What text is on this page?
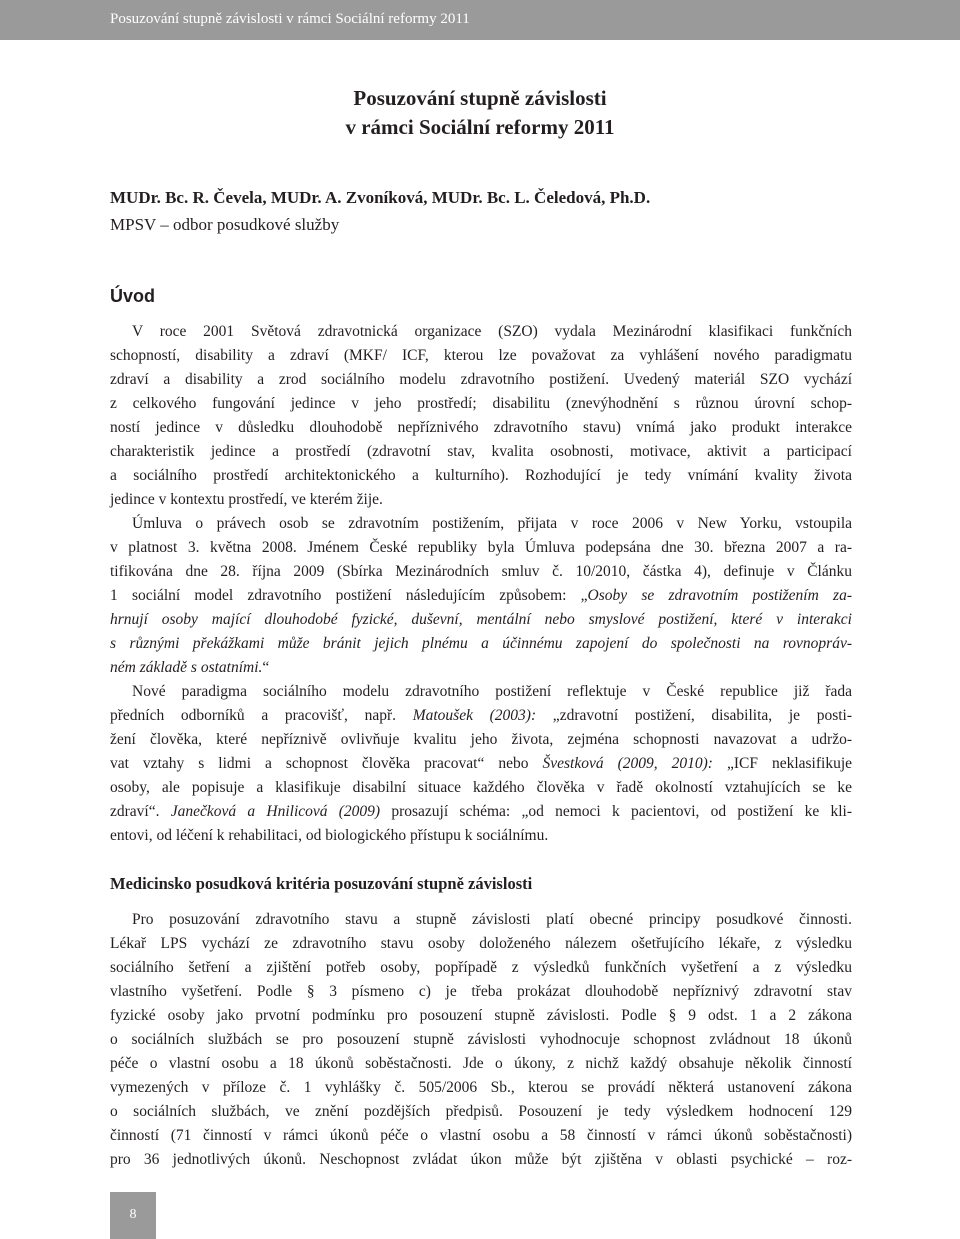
Posuzování stupně závislosti v rámci Sociální reformy 2011
Posuzování stupně závislosti
v rámci Sociální reformy 2011
MUDr. Bc. R. Čevela, MUDr. A. Zvoníková, MUDr. Bc. L. Čeledová, Ph.D.
MPSV – odbor posudkové služby
Úvod
V roce 2001 Světová zdravotnická organizace (SZO) vydala Mezinárodní klasifikaci funkčních
schopností, disability a zdraví (MKF/ ICF, kterou lze považovat za vyhlášení nového paradigmatu
zdraví a disability a zrod sociálního modelu zdravotního postižení. Uvedený materiál SZO vychází
z celkového fungování jedince v jeho prostředí; disabilitu (znevýhodnění s různou úrovní schop-
ností jedince v důsledku dlouhodobě nepříznivého zdravotního stavu) vnímá jako produkt interakce
charakteristik jedince a prostředí (zdravotní stav, kvalita osobnosti, motivace, aktivit a participací
a sociálního prostředí architektonického a kulturního). Rozhodující je tedy vnímání kvality života
jedince v kontextu prostředí, ve kterém žije.
Úmluva o právech osob se zdravotním postižením, přijata v roce 2006 v New Yorku, vstoupila
v platnost 3. května 2008. Jménem České republiky byla Úmluva podepsána dne 30. března 2007 a ra-
tifikována dne 28. října 2009 (Sbírka Mezinárodních smluv č. 10/2010, částka 4), definuje v Článku
1 sociální model zdravotního postižení následujícím způsobem: „Osoby se zdravotním postižením za-
hrnují osoby mající dlouhodobé fyzické, duševní, mentální nebo smyslové postižení, které v interakci
s různými překážkami může bránit jejich plnému a účinnému zapojení do společnosti na rovnopráv-
ném základě s ostatními.“
Nové paradigma sociálního modelu zdravotního postižení reflektuje v České republice již řada
předních odborníků a pracovišť, např. Matoušek (2003): „zdravotní postižení, disabilita, je posti-
žení člověka, které nepříznivě ovlivňuje kvalitu jeho života, zejména schopnosti navazovat a udržo-
vat vztahy s lidmi a schopnost člověka pracovat“ nebo Švestková (2009, 2010): „ICF neklasifikuje
osoby, ale popisuje a klasifikuje disabilní situace každého člověka v řadě okolností vztahujících se ke
zdraví“. Janečková a Hnilicová (2009) prosazují schéma: „od nemoci k pacientovi, od postižení ke kli-
entovi, od léčení k rehabilitaci, od biologického přístupu k sociálnímu.
Medicinsko posudková kritéria posuzování stupně závislosti
Pro posuzování zdravotního stavu a stupně závislosti platí obecné principy posudkové činnosti.
Lékař LPS vychází ze zdravotního stavu osoby doloženého nálezem ošetřujícího lékaře, z výsledku
sociálního šetření a zjištění potřeb osoby, popřípadě z výsledků funkčních vyšetření a z výsledku
vlastního vyšetření. Podle § 3 písmeno c) je třeba prokázat dlouhodobě nepříznivý zdravotní stav
fyzické osoby jako prvotní podmínku pro posouzení stupně závislosti. Podle § 9 odst. 1 a 2 zákona
o sociálních službách se pro posouzení stupně závislosti vyhodnocuje schopnost zvládnout 18 úkonů
péče o vlastní osobu a 18 úkonů soběstačnosti. Jde o úkony, z nichž každý obsahuje několik činností
vymezených v příloze č. 1 vyhlášky č. 505/2006 Sb., kterou se provádí některá ustanovení zákona
o sociálních službách, ve znění pozdějších předpisů. Posouzení je tedy výsledkem hodnocení 129
činností (71 činností v rámci úkonů péče o vlastní osobu a 58 činností v rámci úkonů soběstačnosti)
pro 36 jednotlivých úkonů. Neschopnost zvládat úkon může být zjištěna v oblasti psychické – roz-
8
